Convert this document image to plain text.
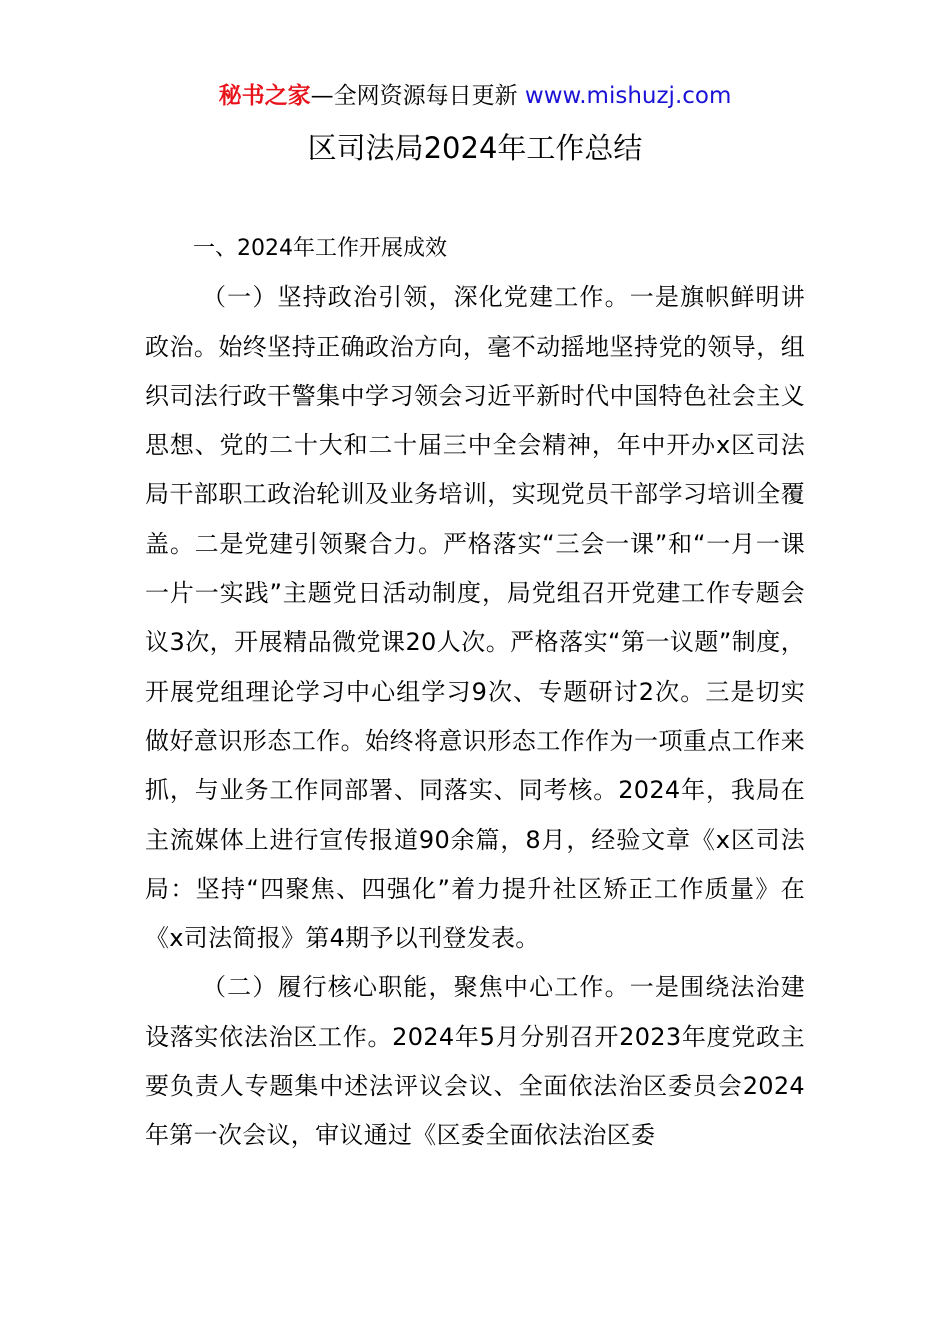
秘书之家—全网资源每日更新 www.mishuzj.com
区司法局2024年工作总结

一、2024年工作开展成效

（一）坚持政治引领，深化党建工作。一是旗帜鲜明讲政治。始终坚持正确政治方向，毫不动摇地坚持党的领导，组织司法行政干警集中学习领会习近平新时代中国特色社会主义思想、党的二十大和二十届三中全会精神，年中开办x区司法局干部职工政治轮训及业务培训，实现党员干部学习培训全覆盖。二是党建引领聚合力。严格落实“三会一课”和“一月一课一片一实践”主题党日活动制度，局党组召开党建工作专题会议3次，开展精品微党课20人次。严格落实“第一议题”制度，开展党组理论学习中心组学习9次、专题研讨2次。三是切实做好意识形态工作。始终将意识形态工作作为一项重点工作来抓，与业务工作同部署、同落实、同考核。2024年，我局在主流媒体上进行宣传报道90余篇，8月，经验文章《x区司法局：坚持“四聚焦、四强化”着力提升社区矫正工作质量》在《x司法简报》第4期予以刊登发表。

（二）履行核心职能，聚焦中心工作。一是围绕法治建设落实依法治区工作。2024年5月分别召开2023年度党政主要负责人专题集中述法评议会议、全面依法治区委员会2024年第一次会议，审议通过《区委全面依法治区委
